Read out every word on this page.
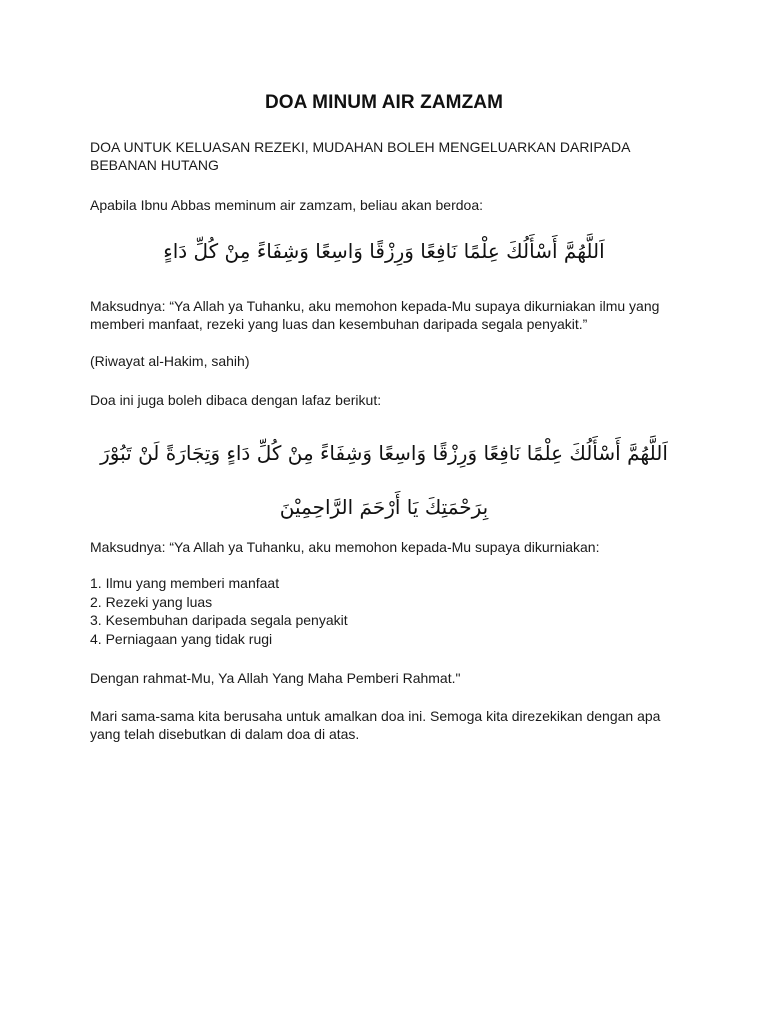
DOA MINUM AIR ZAMZAM

DOA UNTUK KELUASAN REZEKI, MUDAHAN BOLEH MENGELUARKAN DARIPADA BEBANAN HUTANG

Apabila Ibnu Abbas meminum air zamzam, beliau akan berdoa:

اَللَّهُمَّ أَسْأَلُكَ عِلْمًا نَافِعًا وَرِزْقًا وَاسِعًا وَشِفَاءً مِنْ كُلِّ دَاءٍ

Maksudnya: “Ya Allah ya Tuhanku, aku memohon kepada-Mu supaya dikurniakan ilmu yang memberi manfaat, rezeki yang luas dan kesembuhan daripada segala penyakit.”

(Riwayat al-Hakim, sahih)

Doa ini juga boleh dibaca dengan lafaz berikut:

اَللَّهُمَّ أَسْأَلُكَ عِلْمًا نَافِعًا وَرِزْقًا وَاسِعًا وَشِفَاءً مِنْ كُلِّ دَاءٍ وَتِجَارَةً لَنْ تَبُوْرَ بِرَحْمَتِكَ يَا أَرْحَمَ الرَّاحِمِيْنَ

Maksudnya: “Ya Allah ya Tuhanku, aku memohon kepada-Mu supaya dikurniakan:

1. Ilmu yang memberi manfaat
2. Rezeki yang luas
3. Kesembuhan daripada segala penyakit
4. Perniagaan yang tidak rugi

Dengan rahmat-Mu, Ya Allah Yang Maha Pemberi Rahmat."

Mari sama-sama kita berusaha untuk amalkan doa ini. Semoga kita direzekikan dengan apa yang telah disebutkan di dalam doa di atas.
